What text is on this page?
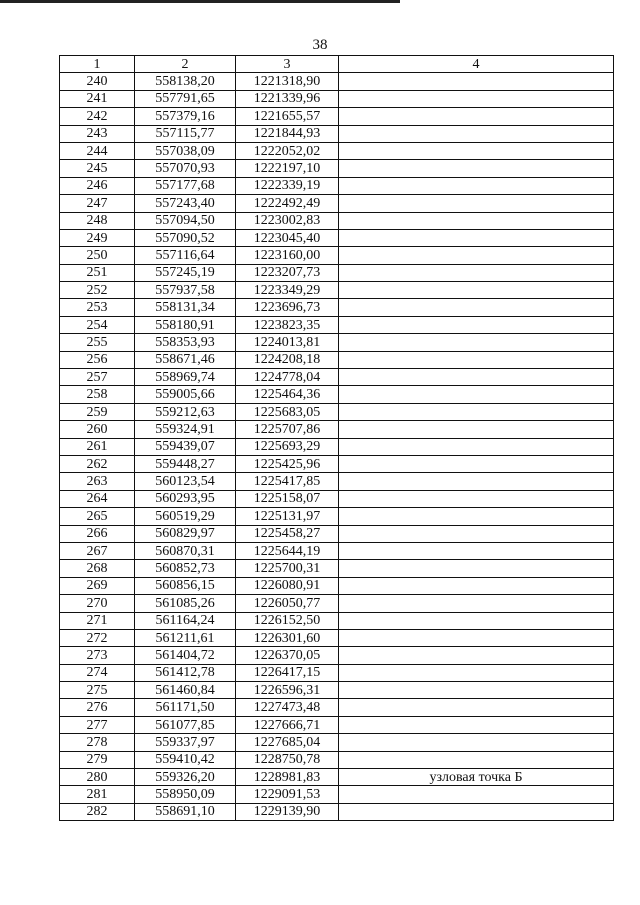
38
1	2	3	4
240	558138,20	1221318,90	
241	557791,65	1221339,96	
242	557379,16	1221655,57	
243	557115,77	1221844,93	
244	557038,09	1222052,02	
245	557070,93	1222197,10	
246	557177,68	1222339,19	
247	557243,40	1222492,49	
248	557094,50	1223002,83	
249	557090,52	1223045,40	
250	557116,64	1223160,00	
251	557245,19	1223207,73	
252	557937,58	1223349,29	
253	558131,34	1223696,73	
254	558180,91	1223823,35	
255	558353,93	1224013,81	
256	558671,46	1224208,18	
257	558969,74	1224778,04	
258	559005,66	1225464,36	
259	559212,63	1225683,05	
260	559324,91	1225707,86	
261	559439,07	1225693,29	
262	559448,27	1225425,96	
263	560123,54	1225417,85	
264	560293,95	1225158,07	
265	560519,29	1225131,97	
266	560829,97	1225458,27	
267	560870,31	1225644,19	
268	560852,73	1225700,31	
269	560856,15	1226080,91	
270	561085,26	1226050,77	
271	561164,24	1226152,50	
272	561211,61	1226301,60	
273	561404,72	1226370,05	
274	561412,78	1226417,15	
275	561460,84	1226596,31	
276	561171,50	1227473,48	
277	561077,85	1227666,71	
278	559337,97	1227685,04	
279	559410,42	1228750,78	
280	559326,20	1228981,83	узловая точка Б
281	558950,09	1229091,53	
282	558691,10	1229139,90	
